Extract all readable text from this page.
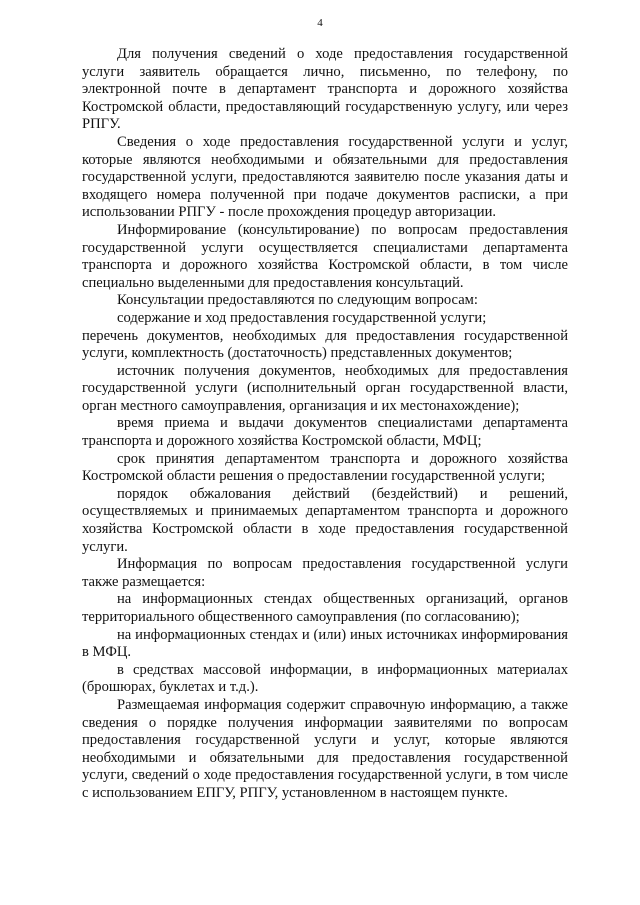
4

Для получения сведений о ходе предоставления государственной услуги заявитель обращается лично, письменно, по телефону, по электронной почте в департамент транспорта и дорожного хозяйства Костромской области, предоставляющий государственную услугу, или через РПГУ.

Сведения о ходе предоставления государственной услуги и услуг, которые являются необходимыми и обязательными для предоставления государственной услуги, предоставляются заявителю после указания даты и входящего номера полученной при подаче документов расписки, а при использовании РПГУ - после прохождения процедур авторизации.

Информирование (консультирование) по вопросам предоставления государственной услуги осуществляется специалистами департамента транспорта и дорожного хозяйства Костромской области, в том числе специально выделенными для предоставления консультаций.

Консультации предоставляются по следующим вопросам:

содержание и ход предоставления государственной услуги;

перечень документов, необходимых для предоставления государственной услуги, комплектность (достаточность) представленных документов;

источник получения документов, необходимых для предоставления государственной услуги (исполнительный орган государственной власти, орган местного самоуправления, организация и их местонахождение);

время приема и выдачи документов специалистами департамента транспорта и дорожного хозяйства Костромской области, МФЦ;

срок принятия департаментом транспорта и дорожного хозяйства Костромской области решения о предоставлении государственной услуги;

порядок обжалования действий (бездействий) и решений, осуществляемых и принимаемых департаментом транспорта и дорожного хозяйства Костромской области в ходе предоставления государственной услуги.

Информация по вопросам предоставления государственной услуги также размещается:

на информационных стендах общественных организаций, органов территориального общественного самоуправления (по согласованию);

на информационных стендах и (или) иных источниках информирования в МФЦ.

в средствах массовой информации, в информационных материалах (брошюрах, буклетах и т.д.).

Размещаемая информация содержит справочную информацию, а также сведения о порядке получения информации заявителями по вопросам предоставления государственной услуги и услуг, которые являются необходимыми и обязательными для предоставления государственной услуги, сведений о ходе предоставления государственной услуги, в том числе с использованием ЕПГУ, РПГУ, установленном в настоящем пункте.
